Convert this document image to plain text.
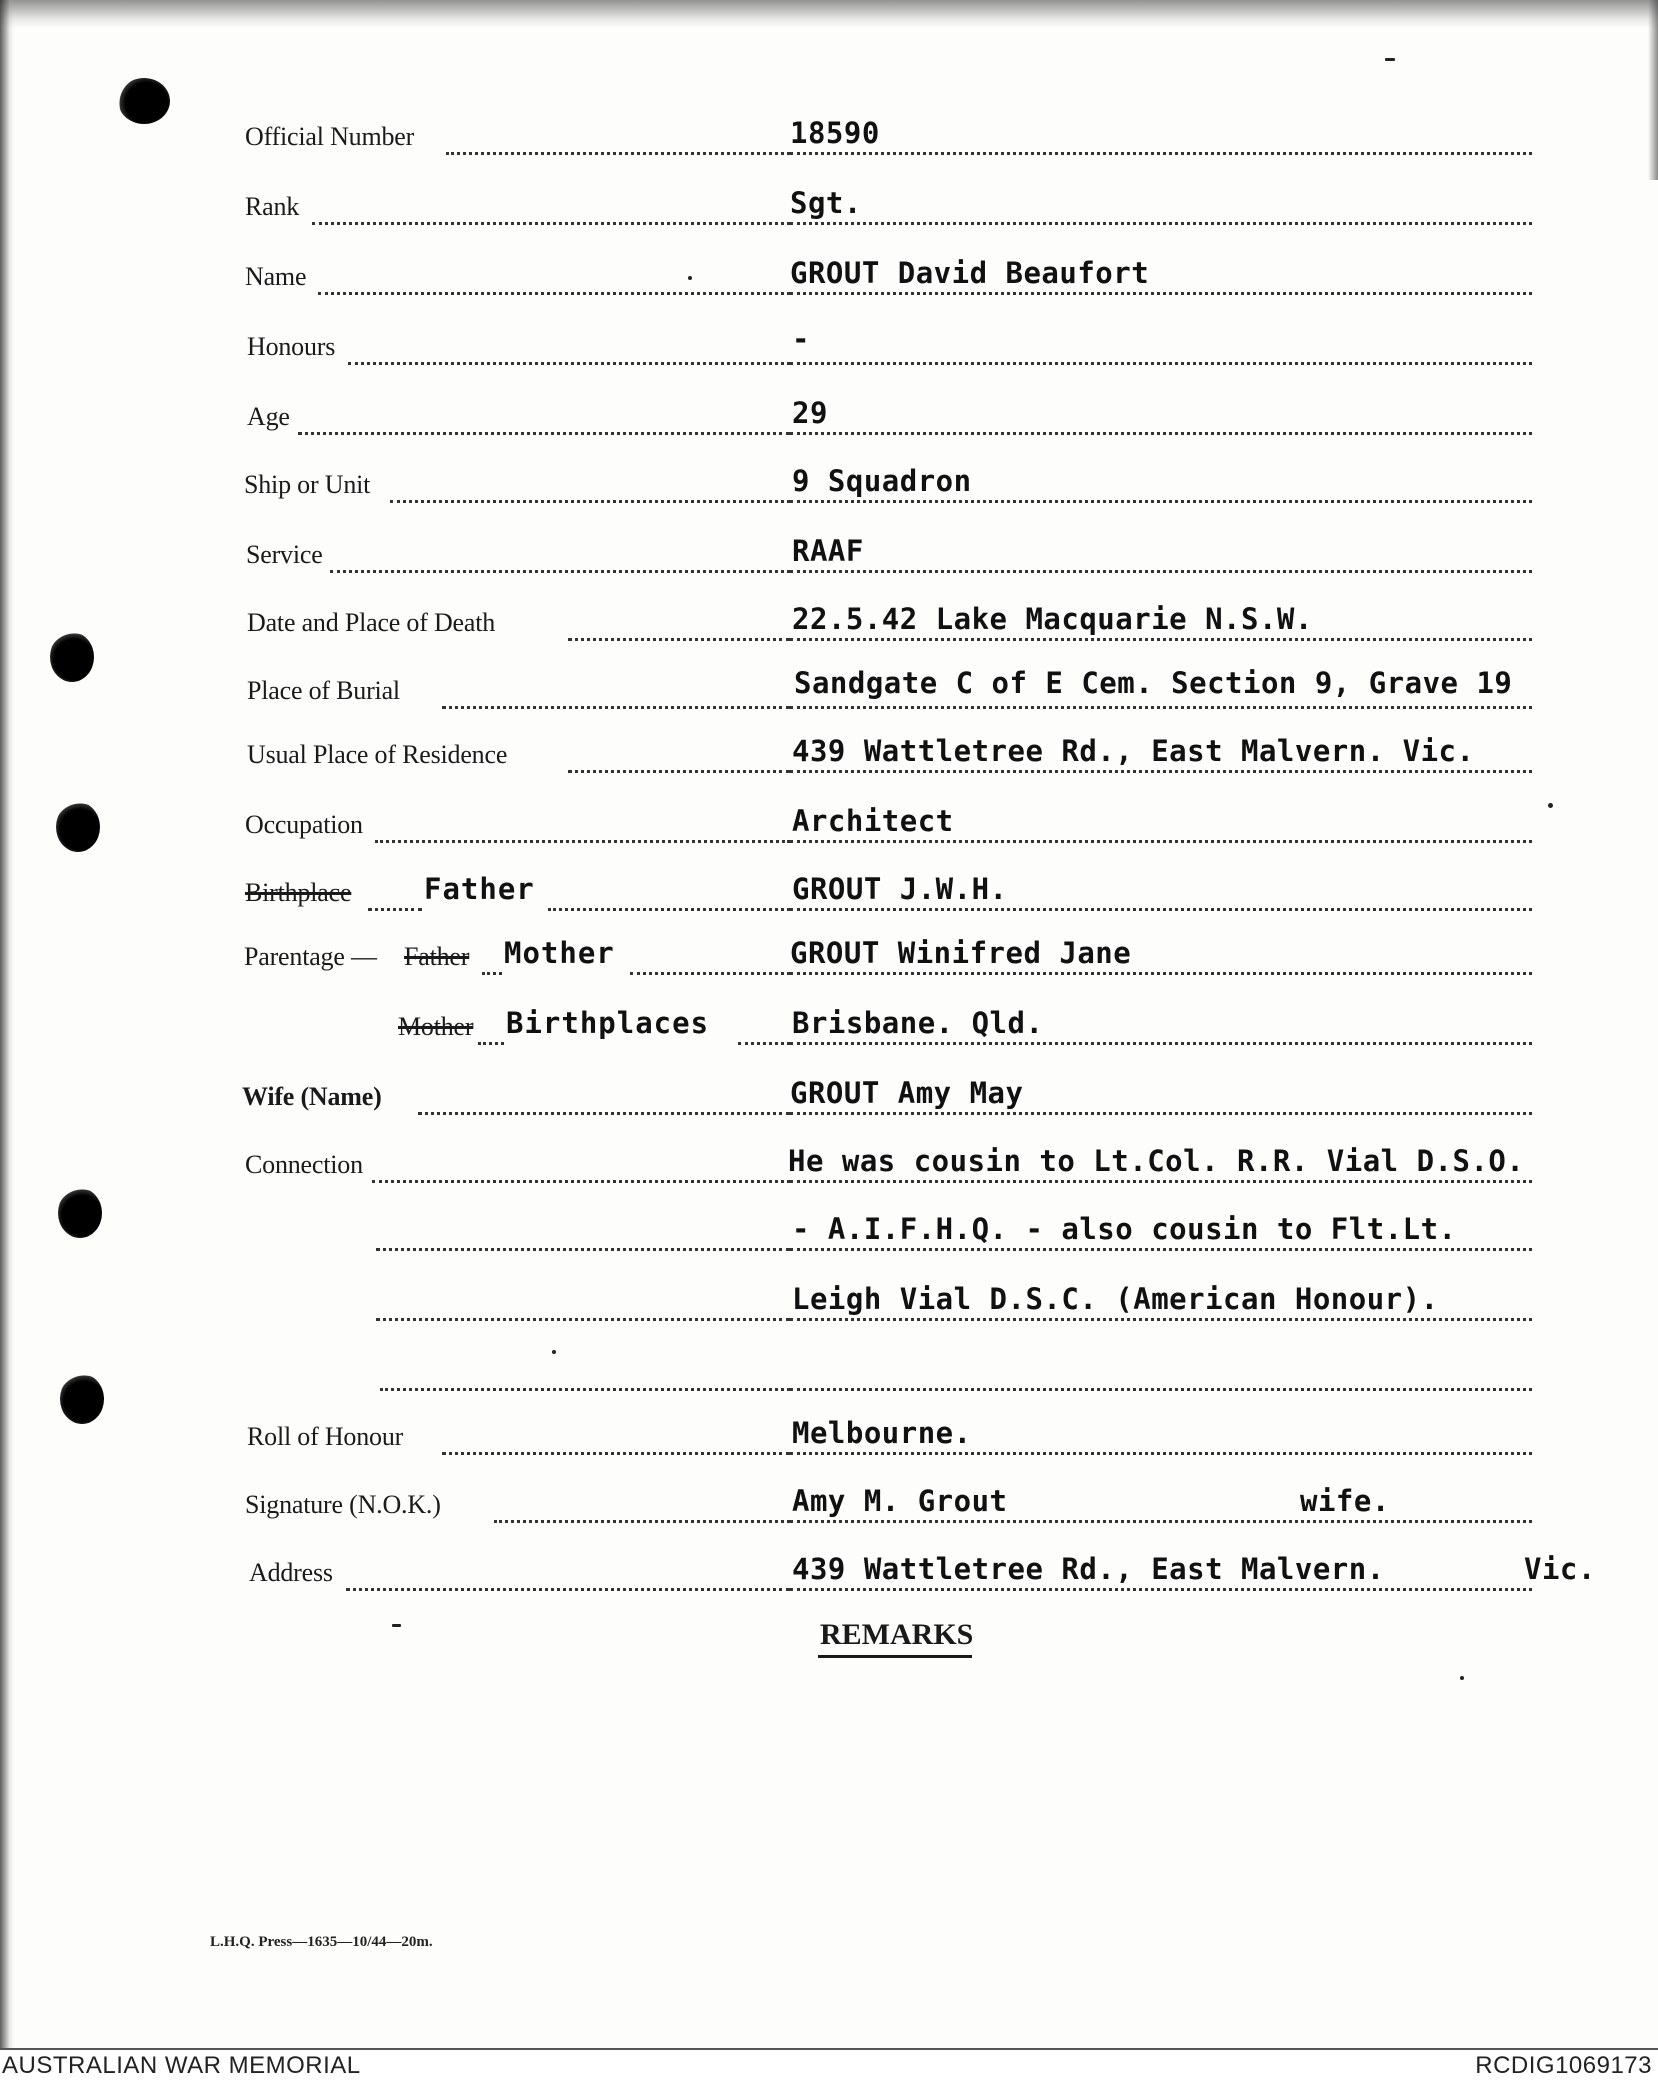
Official Number	18590
Rank	Sgt.
Name	GROUT David Beaufort
Honours	-
Age	29
Ship or Unit	9 Squadron
Service	RAAF
Date and Place of Death	22.5.42 Lake Macquarie N.S.W.
Place of Burial	Sandgate C of E Cem. Section 9, Grave 19
Usual Place of Residence	439 Wattletree Rd., East Malvern. Vic.
Occupation	Architect
Birthplace	Father	GROUT J.W.H.
Parentage — Father Mother	GROUT Winifred Jane
Mother Birthplaces	Brisbane. Qld.
Wife (Name)	GROUT Amy May
Connection	He was cousin to Lt.Col. R.R. Vial D.S.O.
- A.I.F.H.Q. - also cousin to Flt.Lt.
Leigh Vial D.S.C. (American Honour).
Roll of Honour	Melbourne.
Signature (N.O.K.)	Amy M. Grout	wife.
Address	439 Wattletree Rd., East Malvern.	Vic.
REMARKS
L.H.Q. Press—1635—10/44—20m.
AUSTRALIAN WAR MEMORIAL	RCDIG1069173
